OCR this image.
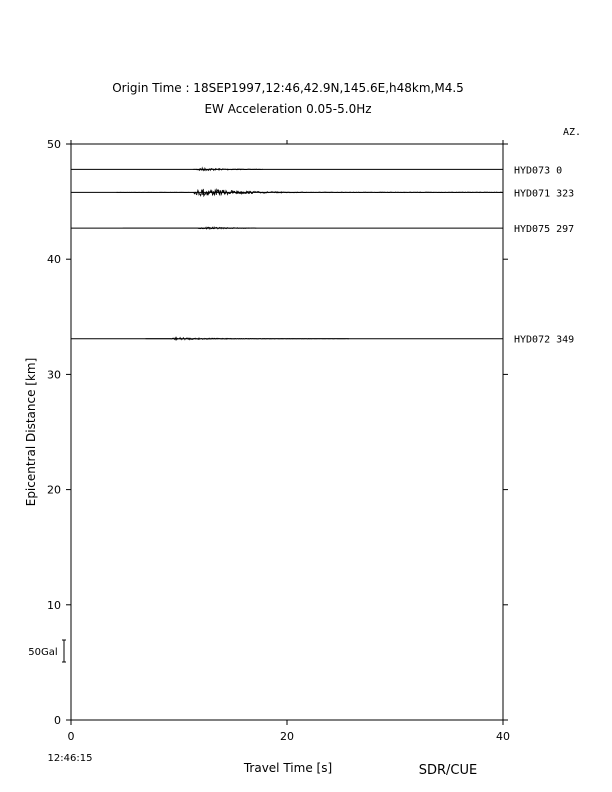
Origin Time : 18SEP1997,12:46,42.9N,145.6E,h48km,M4.5
EW Acceleration 0.05-5.0Hz
AZ.
0
10
20
30
40
50
0	20	40
HYD073 0
HYD071 323
HYD075 297
HYD072 349
Epicentral Distance [km]
Travel Time [s]
12:46:15
SDR/CUE
50Gal
